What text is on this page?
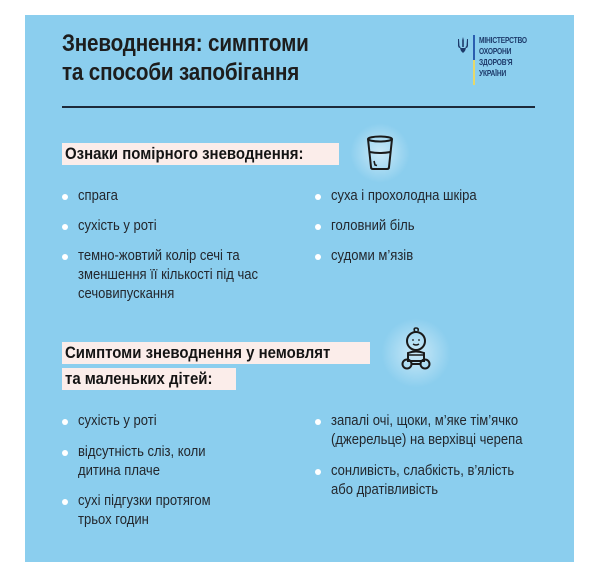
Зневоднення: симптоми
та способи запобігання
МІНІСТЕРСТВО
ОХОРОНИ
ЗДОРОВ'Я
УКРАЇНИ
Ознаки помірного зневоднення:
спрага
сухість у роті
темно-жовтий колір сечі та
зменшення її кількості під час
сечовипускання
суха і прохолодна шкіра
головний біль
судоми м’язів
Симптоми зневоднення у немовлят
та маленьких дітей:
сухість у роті
відсутність сліз, коли
дитина плаче
сухі підгузки протягом
трьох годин
запалі очі, щоки, м’яке тім’ячко
(джерельце) на верхівці черепа
сонливість, слабкість, в’ялість
або дратівливість
